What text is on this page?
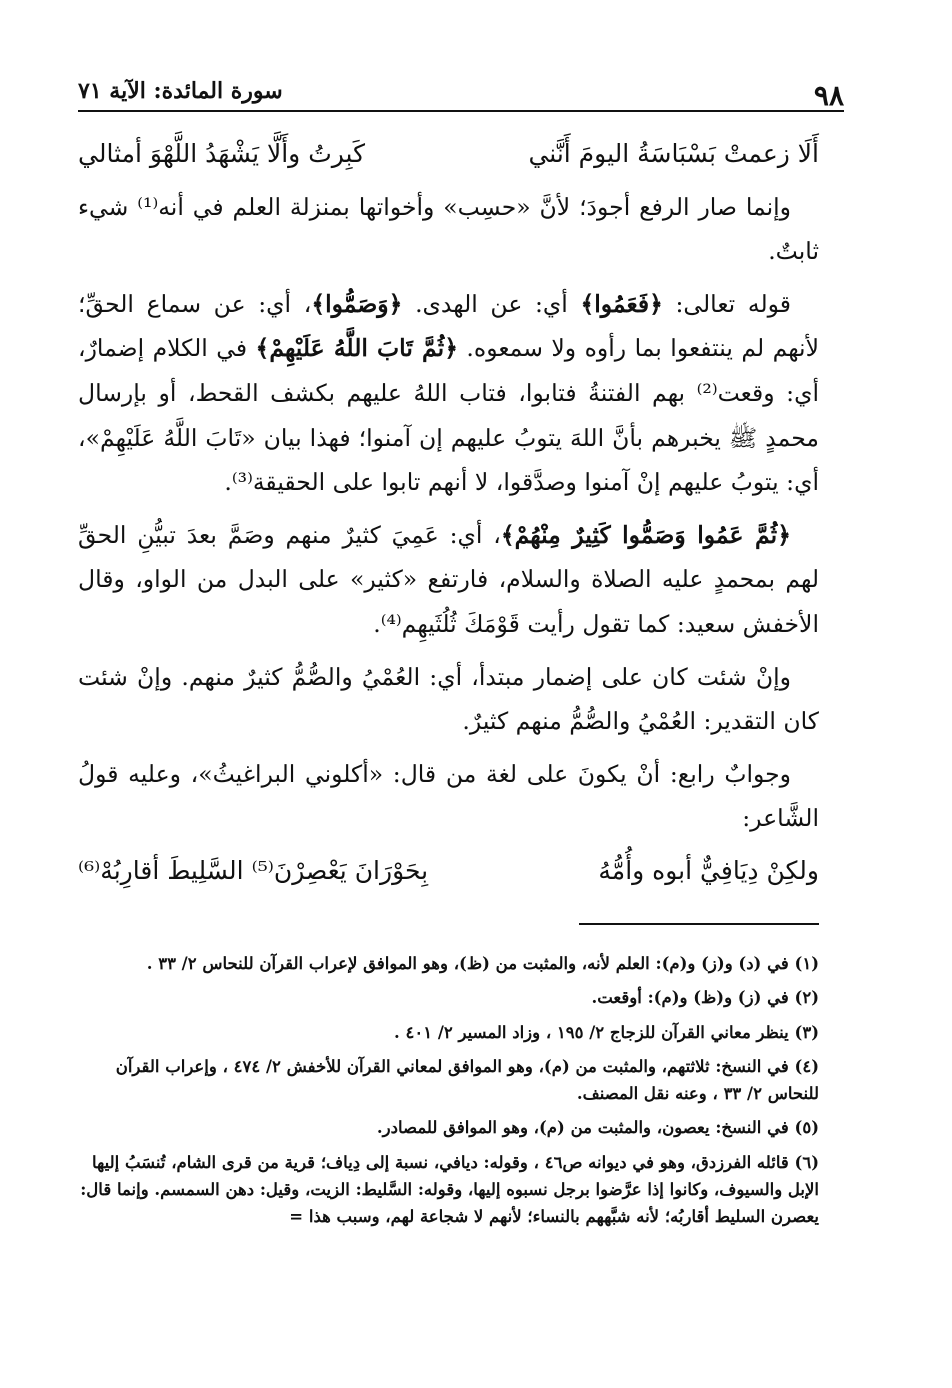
٩٨
سورة المائدة: الآية ٧١
أَلَا زعمتْ بَسْبَاسَةُ اليومَ أَنَّني
كَبِرتُ وأَلَّا يَشْهَدُ اللَّهْوَ أمثالي

وإنما صار الرفع أجودَ؛ لأنَّ «حسِب» وأخواتها بمنزلة العلم في أنه⁽¹⁾ شيء ثابتٌ.

قوله تعالى: ﴿فَعَمُوا﴾ أي: عن الهدى. ﴿وَصَمُّوا﴾، أي: عن سماع الحقِّ؛ لأنهم لم ينتفعوا بما رأوه ولا سمعوه. ﴿ثُمَّ تَابَ اللَّهُ عَلَيْهِمْ﴾ في الكلام إضمارٌ، أي: وقعت⁽²⁾ بهم الفتنةُ فتابوا، فتاب اللهُ عليهم بكشف القحط، أو بإرسال محمدٍ ﷺ يخبرهم بأنَّ اللهَ يتوبُ عليهم إن آمنوا؛ فهذا بيان «تَابَ اللَّهُ عَلَيْهِمْ»، أي: يتوبُ عليهم إنْ آمنوا وصدَّقوا، لا أنهم تابوا على الحقيقة⁽³⁾.

﴿ثُمَّ عَمُوا وَصَمُّوا كَثِيرٌ مِنْهُمْ﴾، أي: عَمِيَ كثيرٌ منهم وصَمَّ بعدَ تبيُّنِ الحقِّ لهم بمحمدٍ عليه الصلاة والسلام، فارتفع «كثير» على البدل من الواو، وقال الأخفش سعيد: كما تقول رأيت قَوْمَكَ ثُلُثَيهِم⁽⁴⁾.

وإنْ شئت كان على إضمار مبتدأ، أي: العُمْيُ والصُّمُّ كثيرٌ منهم. وإنْ شئت كان التقدير: العُمْيُ والصُّمُّ منهم كثيرٌ.

وجوابٌ رابع: أنْ يكونَ على لغة من قال: «أكلوني البراغيثُ»، وعليه قولُ الشَّاعر:

ولكِنْ دِيَافِيٌّ أبوه وأُمُّهُ
بِحَوْرَانَ يَعْصِرْنَ⁽⁵⁾ السَّلِيطَ أقارِبُهْ⁽⁶⁾
(١) في (د) و(ز) و(م): العلم لأنه، والمثبت من (ظ)، وهو الموافق لإعراب القرآن للنحاس ٢/ ٣٣ .
(٢) في (ز) و(ظ) و(م): أوقعت.
(٣) ينظر معاني القرآن للزجاج ٢/ ١٩٥ ، وزاد المسير ٢/ ٤٠١ .
(٤) في النسخ: ثلاثتهم، والمثبت من (م)، وهو الموافق لمعاني القرآن للأخفش ٢/ ٤٧٤ ، وإعراب القرآن للنحاس ٢/ ٣٣ ، وعنه نقل المصنف.
(٥) في النسخ: يعصون، والمثبت من (م)، وهو الموافق للمصادر.
(٦) قائله الفرزدق، وهو في ديوانه ص٤٦ ، وقوله: ديافي، نسبة إلى دِياف؛ قرية من قرى الشام، تُنسَبُ إليها الإبل والسيوف، وكانوا إذا عرَّضوا برجل نسبوه إليها، وقوله: السَّليط: الزيت، وقيل: دهن السمسم. وإنما قال: يعصرن السليط أقاربُه؛ لأنه شبَّههم بالنساء؛ لأنهم لا شجاعة لهم، وسبب هذا =
